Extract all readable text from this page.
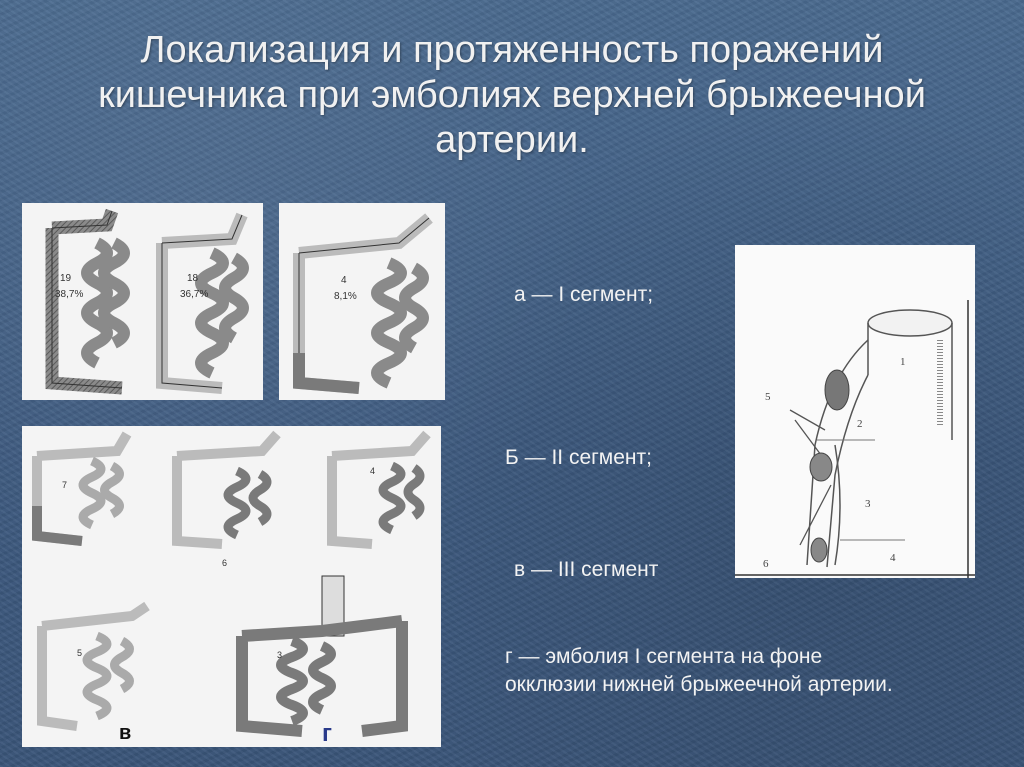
Локализация и протяженность поражений кишечника при эмболиях верхней брыжеечной артерии.
19
38,7%
18
36,7%
4
8,1%
7
6
4
5	3
в	г
1
2
3
4
5
6
а — I сегмент;
Б — II сегмент;
в — III сегмент
г — эмболия I сегмента на фоне окклюзии нижней брыжеечной артерии.
